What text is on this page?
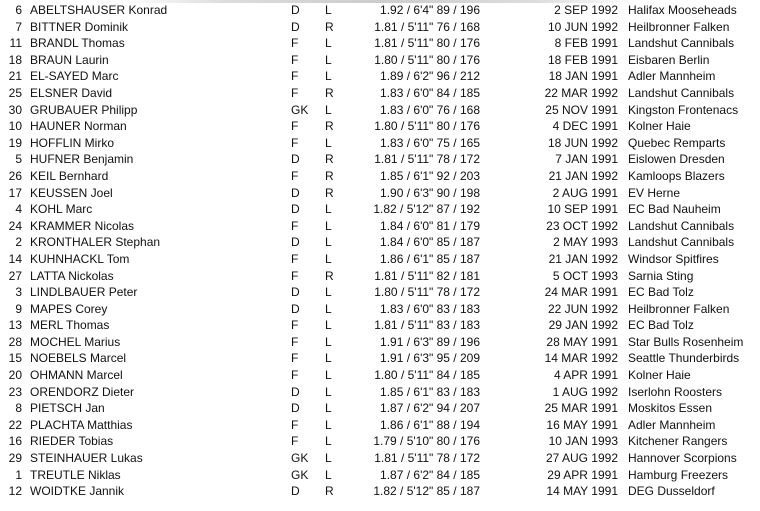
6 ABELTSHAUSER Konrad	D L	1.92 / 6'4" 89 / 196	2 SEP 1992 Halifax Mooseheads
7 BITTNER Dominik	D R	1.81 / 5'11" 76 / 168	10 JUN 1992 Heilbronner Falken
11 BRANDL Thomas	F L	1.81 / 5'11" 80 / 176	8 FEB 1991 Landshut Cannibals
18 BRAUN Laurin	F L	1.80 / 5'11" 80 / 176	18 FEB 1991 Eisbaren Berlin
21 EL-SAYED Marc	F L	1.89 / 6'2" 96 / 212	18 JAN 1991 Adler Mannheim
25 ELSNER David	F R	1.83 / 6'0" 84 / 185	22 MAR 1992 Landshut Cannibals
30 GRUBAUER Philipp	GK L	1.83 / 6'0" 76 / 168	25 NOV 1991 Kingston Frontenacs
10 HAUNER Norman	F R	1.80 / 5'11" 80 / 176	4 DEC 1991 Kolner Haie
19 HOFFLIN Mirko	F L	1.83 / 6'0" 75 / 165	18 JUN 1992 Quebec Remparts
5 HUFNER Benjamin	D R	1.81 / 5'11" 78 / 172	7 JAN 1991 Eislowen Dresden
26 KEIL Bernhard	F R	1.85 / 6'1" 92 / 203	21 JAN 1992 Kamloops Blazers
17 KEUSSEN Joel	D R	1.90 / 6'3" 90 / 198	2 AUG 1991 EV Herne
4 KOHL Marc	D L	1.82 / 5'12" 87 / 192	10 SEP 1991 EC Bad Nauheim
24 KRAMMER Nicolas	F L	1.84 / 6'0" 81 / 179	23 OCT 1992 Landshut Cannibals
2 KRONTHALER Stephan	D L	1.84 / 6'0" 85 / 187	2 MAY 1993 Landshut Cannibals
14 KUHNHACKL Tom	F L	1.86 / 6'1" 85 / 187	21 JAN 1992 Windsor Spitfires
27 LATTA Nickolas	F R	1.81 / 5'11" 82 / 181	5 OCT 1993 Sarnia Sting
3 LINDLBAUER Peter	D L	1.80 / 5'11" 78 / 172	24 MAR 1991 EC Bad Tolz
9 MAPES Corey	D L	1.83 / 6'0" 83 / 183	22 JUN 1992 Heilbronner Falken
13 MERL Thomas	F L	1.81 / 5'11" 83 / 183	29 JAN 1992 EC Bad Tolz
28 MOCHEL Marius	F L	1.91 / 6'3" 89 / 196	28 MAY 1991 Star Bulls Rosenheim
15 NOEBELS Marcel	F L	1.91 / 6'3" 95 / 209	14 MAR 1992 Seattle Thunderbirds
20 OHMANN Marcel	F L	1.80 / 5'11" 84 / 185	4 APR 1991 Kolner Haie
23 ORENDORZ Dieter	D L	1.85 / 6'1" 83 / 183	1 AUG 1992 Iserlohn Roosters
8 PIETSCH Jan	D L	1.87 / 6'2" 94 / 207	25 MAR 1991 Moskitos Essen
22 PLACHTA Matthias	F L	1.86 / 6'1" 88 / 194	16 MAY 1991 Adler Mannheim
16 RIEDER Tobias	F L	1.79 / 5'10" 80 / 176	10 JAN 1993 Kitchener Rangers
29 STEINHAUER Lukas	GK L	1.81 / 5'11" 78 / 172	27 AUG 1992 Hannover Scorpions
1 TREUTLE Niklas	GK L	1.87 / 6'2" 84 / 185	29 APR 1991 Hamburg Freezers
12 WOIDTKE Jannik	D R	1.82 / 5'12" 85 / 187	14 MAY 1991 DEG Dusseldorf
